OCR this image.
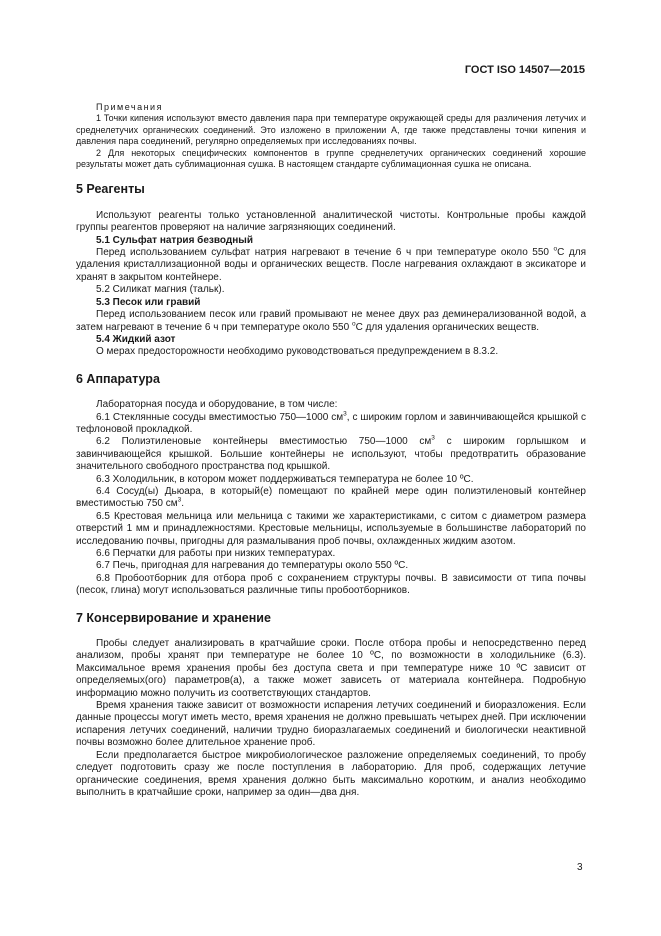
ГОСТ ISO 14507—2015

Примечания

1 Точки кипения используют вместо давления пара при температуре окружающей среды для различения летучих и среднелетучих органических соединений. Это изложено в приложении А, где также представлены точки кипения и давления пара соединений, регулярно определяемых при исследованиях почвы.

2 Для некоторых специфических компонентов в группе среднелетучих органических соединений хорошие результаты может дать сублимационная сушка. В настоящем стандарте сублимационная сушка не описана.

5 Реагенты

Используют реагенты только установленной аналитической чистоты. Контрольные пробы каждой группы реагентов проверяют на наличие загрязняющих соединений.

5.1 Сульфат натрия безводный

Перед использованием сульфат натрия нагревают в течение 6 ч при температуре около 550 $^о$С для удаления кристаллизационной воды и органических веществ. После нагревания охлаждают в эксикаторе и хранят в закрытом контейнере.

5.2 Силикат магния (тальк).

5.3 Песок или гравий

Перед использованием песок или гравий промывают не менее двух раз деминерализованной водой, а затем нагревают в течение 6 ч при температуре около 550 $^о$С для удаления органических веществ.

5.4 Жидкий азот

О мерах предосторожности необходимо руководствоваться предупреждением в 8.3.2.

6 Аппаратура

Лабораторная посуда и оборудование, в том числе:

6.1 Стеклянные сосуды вместимостью 750—1000 $см^3$, с широким горлом и завинчивающейся крышкой с тефлоновой прокладкой.

6.2 Полиэтиленовые контейнеры вместимостью 750—1000 $см^3$ с широким горлышком и завинчивающейся крышкой. Большие контейнеры не используют, чтобы предотвратить образование значительного свободного пространства под крышкой.

6.3 Холодильник, в котором может поддерживаться температура не более 10 ºС.

6.4 Сосуд(ы) Дьюара, в который(е) помещают по крайней мере один полиэтиленовый контейнер вместимостью 750 $см^3$.

6.5 Крестовая мельница или мельница с такими же характеристиками, с ситом с диаметром размера отверстий 1 мм и принадлежностями. Крестовые мельницы, используемые в большинстве лабораторий по исследованию почвы, пригодны для размалывания проб почвы, охлажденных жидким азотом.

6.6 Перчатки для работы при низких температурах.

6.7 Печь, пригодная для нагревания до температуры около 550 ºС.

6.8 Пробоотборник для отбора проб с сохранением структуры почвы. В зависимости от типа почвы (песок, глина) могут использоваться различные типы пробоотборников.

7 Консервирование и хранение

Пробы следует анализировать в кратчайшие сроки. После отбора пробы и непосредственно перед анализом, пробы хранят при температуре не более 10 ºС, по возможности в холодильнике (6.3). Максимальное время хранения пробы без доступа света и при температуре ниже 10 ºС зависит от определяемых(ого) параметров(а), а также может зависеть от материала контейнера. Подробную информацию можно получить из соответствующих стандартов.

Время хранения также зависит от возможности испарения летучих соединений и биоразложения. Если данные процессы могут иметь место, время хранения не должно превышать четырех дней. При исключении испарения летучих соединений, наличии трудно биоразлагаемых соединений и биологически неактивной почвы возможно более длительное хранение проб.

Если предполагается быстрое микробиологическое разложение определяемых соединений, то пробу следует подготовить сразу же после поступления в лабораторию. Для проб, содержащих летучие органические соединения, время хранения должно быть максимально коротким, и анализ необходимо выполнить в кратчайшие сроки, например за один—два дня.

3
